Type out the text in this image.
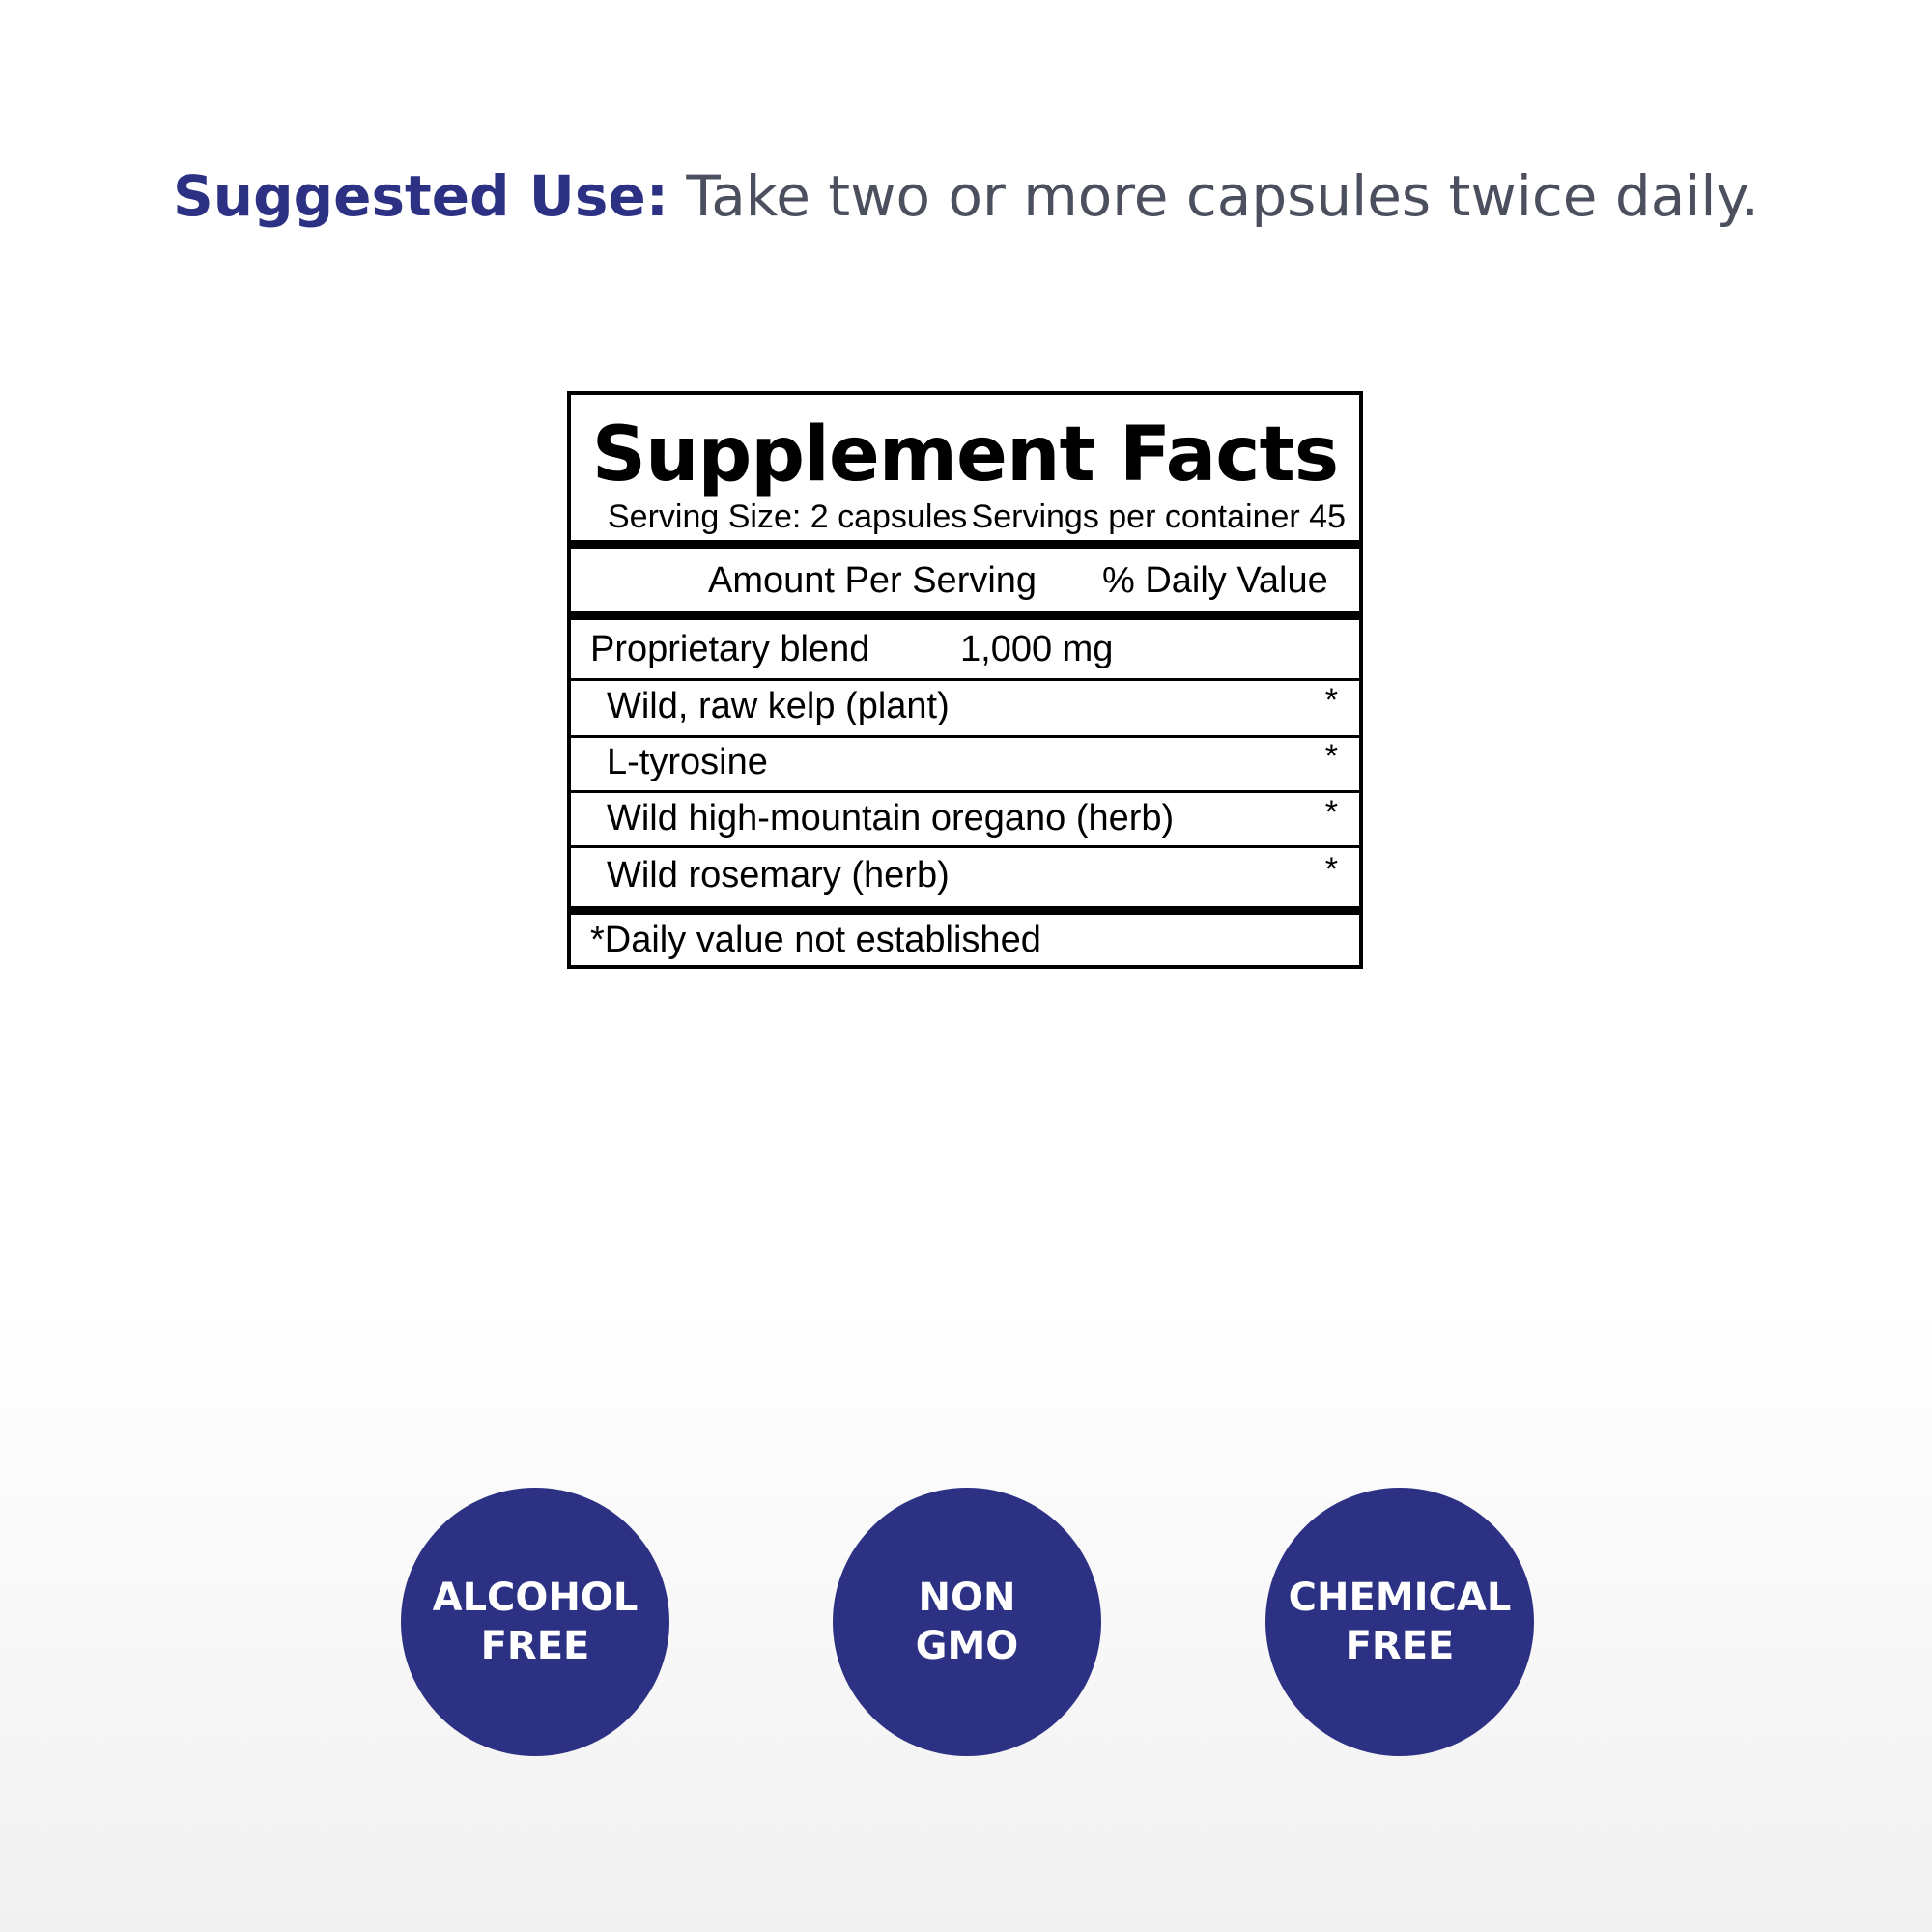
Suggested Use: Take two or more capsules twice daily.
Supplement Facts
Serving Size: 2 capsules Servings per container 45
Amount Per Serving % Daily Value
Proprietary blend 1,000 mg
Wild, raw kelp (plant)	*
L-tyrosine	*
Wild high-mountain oregano (herb)	*
Wild rosemary (herb)	*
*Daily value not established
ALCOHOL
FREE
NON
GMO
CHEMICAL
FREE
